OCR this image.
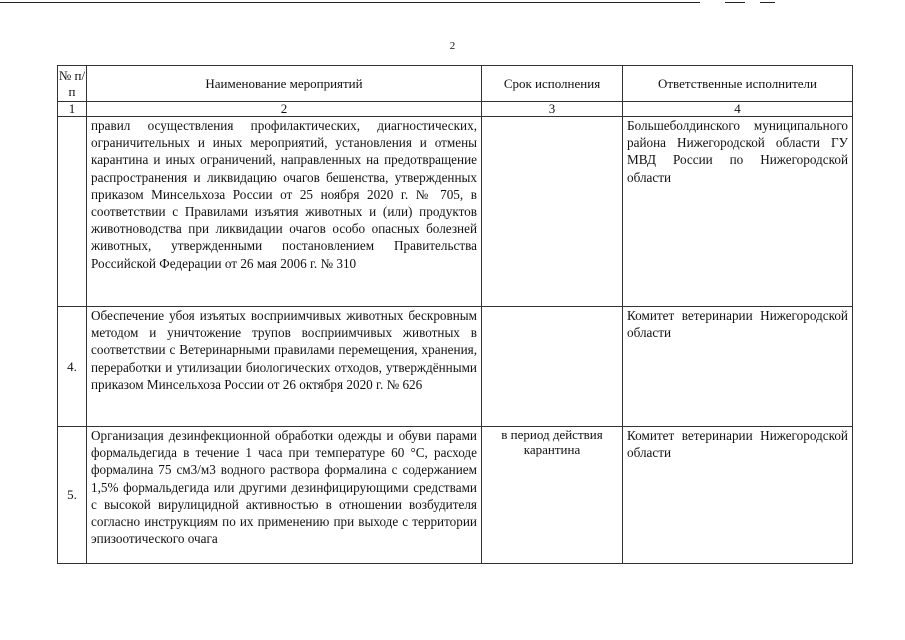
2
№ п/п	Наименование мероприятий	Срок исполнения	Ответственные исполнители
1	2	3	4
	правил осуществления профилактических, диагностических, ограничительных и иных мероприятий, установления и отмены карантина и иных ограничений, направленных на предотвращение распространения и ликвидацию очагов бешенства, утвержденных приказом Минсельхоза России от 25 ноября 2020 г. № 705, в соответствии с Правилами изъятия животных и (или) продуктов животноводства при ликвидации очагов особо опасных болезней животных, утвержденными постановлением Правительства Российской Федерации от 26 мая 2006 г. № 310		Большеболдинского муниципального района Нижегородской области ГУ МВД России по Нижегородской области
4.	Обеспечение убоя изъятых восприимчивых животных бескровным методом и уничтожение трупов восприимчивых животных в соответствии с Ветеринарными правилами перемещения, хранения, переработки и утилизации биологических отходов, утверждёнными приказом Минсельхоза России от 26 октября 2020 г. № 626		Комитет ветеринарии Нижегородской области
5.	Организация дезинфекционной обработки одежды и обуви парами формальдегида в течение 1 часа при температуре 60 °C, расходе формалина 75 см3/м3 водного раствора формалина с содержанием 1,5% формальдегида или другими дезинфицирующими средствами с высокой вирулицидной активностью в отношении возбудителя согласно инструкциям по их применению при выходе с территории эпизоотического очага	в период действия карантина	Комитет ветеринарии Нижегородской области
